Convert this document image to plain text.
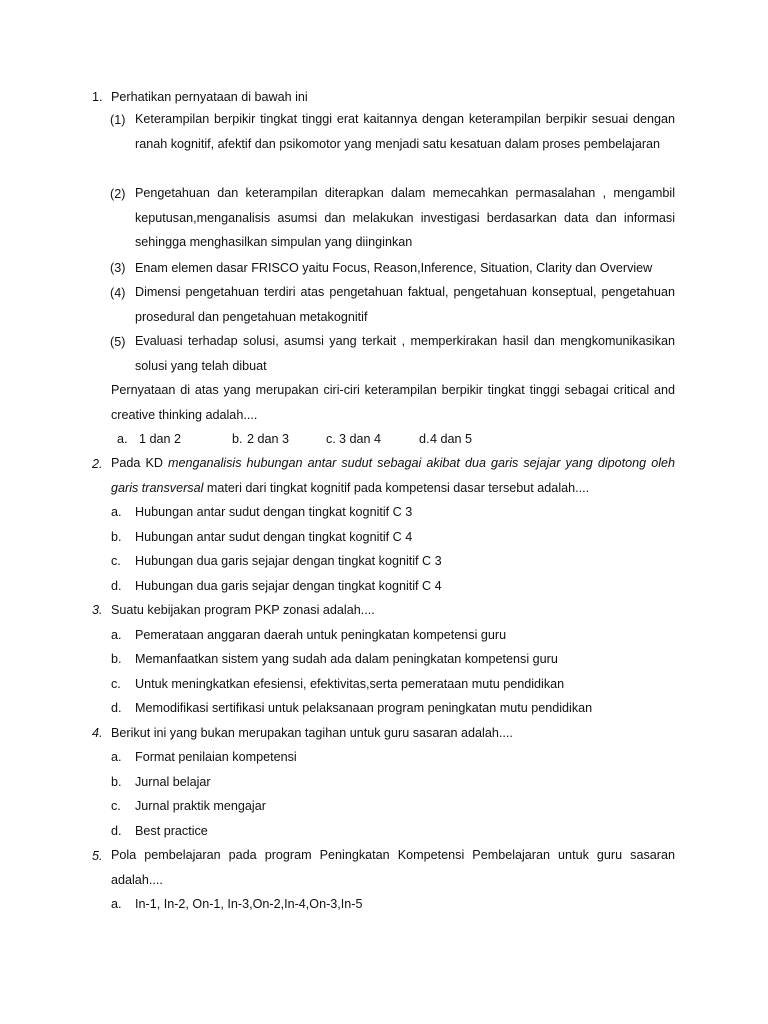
1. Perhatikan pernyataan di bawah ini
(1) Keterampilan berpikir tingkat tinggi erat kaitannya dengan keterampilan berpikir sesuai dengan ranah kognitif, afektif dan psikomotor yang menjadi satu kesatuan dalam proses pembelajaran
(2) Pengetahuan dan keterampilan diterapkan dalam memecahkan permasalahan , mengambil keputusan,menganalisis asumsi dan melakukan investigasi berdasarkan data dan informasi sehingga menghasilkan simpulan yang diinginkan
(3) Enam elemen dasar FRISCO yaitu Focus, Reason,Inference, Situation, Clarity dan Overview
(4) Dimensi pengetahuan terdiri atas pengetahuan faktual, pengetahuan konseptual, pengetahuan prosedural dan pengetahuan metakognitif
(5) Evaluasi terhadap solusi, asumsi yang terkait , memperkirakan hasil dan mengkomunikasikan solusi yang telah dibuat
Pernyataan di atas yang merupakan ciri-ciri keterampilan berpikir tingkat tinggi sebagai critical and creative thinking adalah....
a. 1 dan 2	b. 2 dan 3	c. 3 dan 4	d. 4 dan 5
2. Pada KD menganalisis hubungan antar sudut sebagai akibat dua garis sejajar yang dipotong oleh garis transversal materi dari tingkat kognitif pada kompetensi dasar tersebut adalah....
a. Hubungan antar sudut dengan tingkat kognitif C 3
b. Hubungan antar sudut dengan tingkat kognitif C 4
c. Hubungan dua garis sejajar dengan tingkat kognitif C 3
d. Hubungan dua garis sejajar dengan tingkat kognitif C 4
3. Suatu kebijakan program PKP zonasi adalah....
a. Pemerataan anggaran daerah untuk peningkatan kompetensi guru
b. Memanfaatkan sistem yang sudah ada dalam peningkatan kompetensi guru
c. Untuk meningkatkan efesiensi, efektivitas,serta pemerataan mutu pendidikan
d. Memodifikasi sertifikasi untuk pelaksanaan program peningkatan mutu pendidikan
4. Berikut ini yang bukan merupakan tagihan untuk guru sasaran adalah....
a. Format penilaian kompetensi
b. Jurnal belajar
c. Jurnal praktik mengajar
d. Best practice
5. Pola pembelajaran pada program Peningkatan Kompetensi Pembelajaran untuk guru sasaran adalah....
a. In-1, In-2, On-1, In-3,On-2,In-4,On-3,In-5
